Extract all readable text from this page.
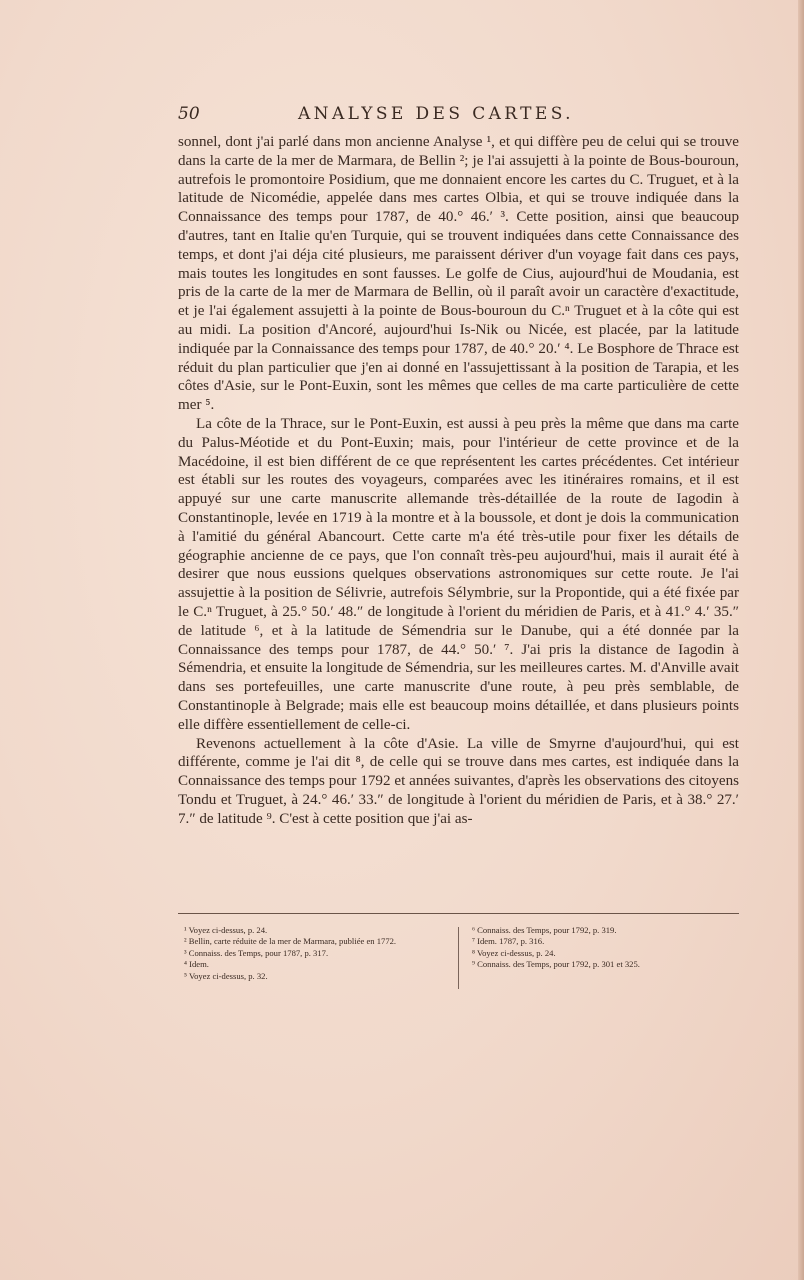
50	ANALYSE DES CARTES.

sonnel, dont j'ai parlé dans mon ancienne Analyse ¹, et qui diffère peu de celui qui se trouve dans la carte de la mer de Marmara, de Bellin ²; je l'ai assujetti à la pointe de Bous-bouroun, autrefois le promontoire Posidium, que me donnaient encore les cartes du C. Truguet, et à la latitude de Nicomédie, appelée dans mes cartes Olbia, et qui se trouve indiquée dans la Connaissance des temps pour 1787, de 40.° 46.′ ³. Cette position, ainsi que beaucoup d'autres, tant en Italie qu'en Turquie, qui se trouvent indiquées dans cette Connaissance des temps, et dont j'ai déja cité plusieurs, me paraissent dériver d'un voyage fait dans ces pays, mais toutes les longitudes en sont fausses. Le golfe de Cius, aujourd'hui de Moudania, est pris de la carte de la mer de Marmara de Bellin, où il paraît avoir un caractère d'exactitude, et je l'ai également assujetti à la pointe de Bous-bouroun du C.ⁿ Truguet et à la côte qui est au midi. La position d'Ancoré, aujourd'hui Is-Nik ou Nicée, est placée, par la latitude indiquée par la Connaissance des temps pour 1787, de 40.° 20.′ ⁴. Le Bosphore de Thrace est réduit du plan particulier que j'en ai donné en l'assujettissant à la position de Tarapia, et les côtes d'Asie, sur le Pont-Euxin, sont les mêmes que celles de ma carte particulière de cette mer ⁵.

La côte de la Thrace, sur le Pont-Euxin, est aussi à peu près la même que dans ma carte du Palus-Méotide et du Pont-Euxin; mais, pour l'intérieur de cette province et de la Macédoine, il est bien différent de ce que représentent les cartes précédentes. Cet intérieur est établi sur les routes des voyageurs, comparées avec les itinéraires romains, et il est appuyé sur une carte manuscrite allemande très-détaillée de la route de Iagodin à Constantinople, levée en 1719 à la montre et à la boussole, et dont je dois la communication à l'amitié du général Abancourt. Cette carte m'a été très-utile pour fixer les détails de géographie ancienne de ce pays, que l'on connaît très-peu aujourd'hui, mais il aurait été à desirer que nous eussions quelques observations astronomiques sur cette route. Je l'ai assujettie à la position de Sélivrie, autrefois Sélymbrie, sur la Propontide, qui a été fixée par le C.ⁿ Truguet, à 25.° 50.′ 48.″ de longitude à l'orient du méridien de Paris, et à 41.° 4.′ 35.″ de latitude ⁶, et à la latitude de Sémendria sur le Danube, qui a été donnée par la Connaissance des temps pour 1787, de 44.° 50.′ ⁷. J'ai pris la distance de Iagodin à Sémendria, et ensuite la longitude de Sémendria, sur les meilleures cartes. M. d'Anville avait dans ses portefeuilles, une carte manuscrite d'une route, à peu près semblable, de Constantinople à Belgrade; mais elle est beaucoup moins détaillée, et dans plusieurs points elle diffère essentiellement de celle-ci.

Revenons actuellement à la côte d'Asie. La ville de Smyrne d'aujourd'hui, qui est différente, comme je l'ai dit ⁸, de celle qui se trouve dans mes cartes, est indiquée dans la Connaissance des temps pour 1792 et années suivantes, d'après les observations des citoyens Tondu et Truguet, à 24.° 46.′ 33.″ de longitude à l'orient du méridien de Paris, et à 38.° 27.′ 7.″ de latitude ⁹. C'est à cette position que j'ai as-

¹ Voyez ci-dessus, p. 24.
² Bellin, carte réduite de la mer de Marmara, publiée en 1772.
³ Connaiss. des Temps, pour 1787, p. 317.
⁴ Idem.
⁵ Voyez ci-dessus, p. 32.
⁶ Connaiss. des Temps, pour 1792, p. 319.
⁷ Idem. 1787, p. 316.
⁸ Voyez ci-dessus, p. 24.
⁹ Connaiss. des Temps, pour 1792, p. 301 et 325.
